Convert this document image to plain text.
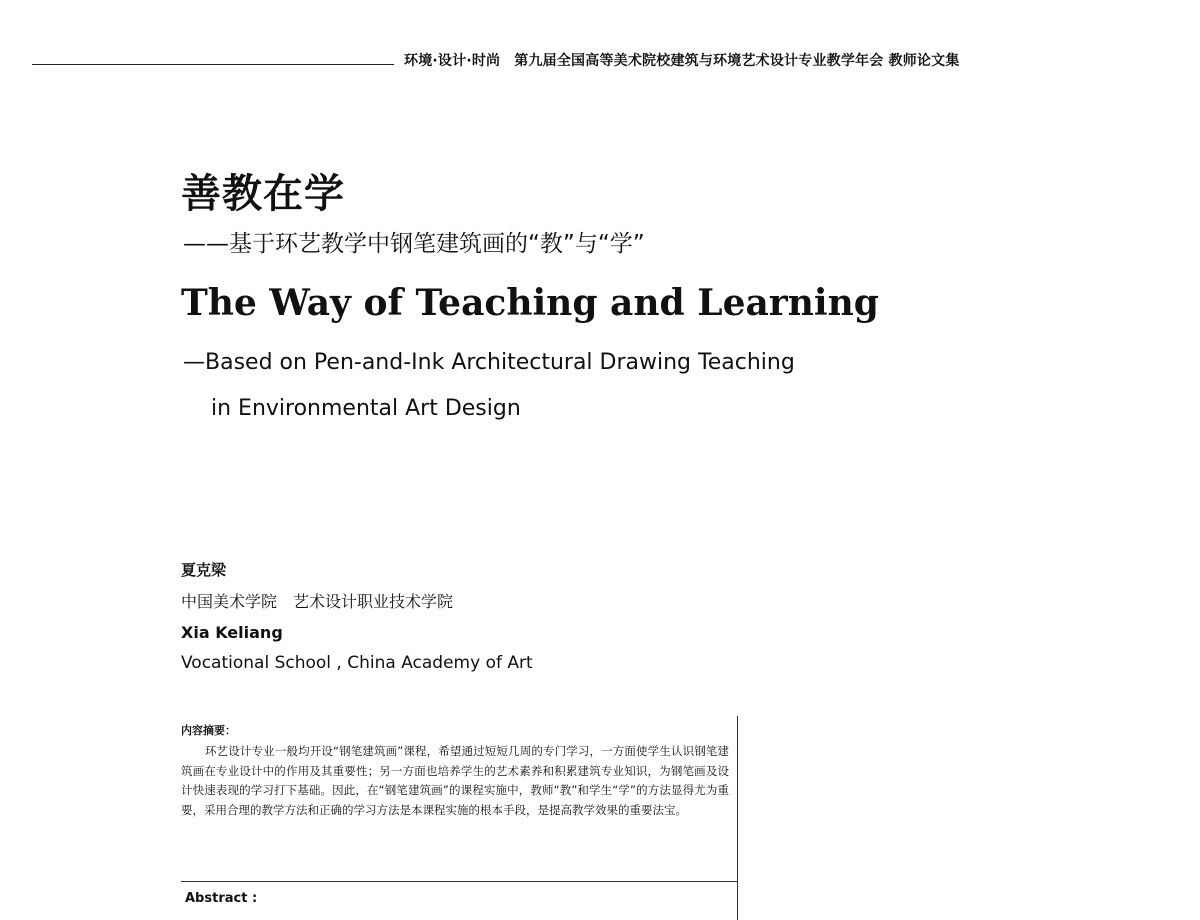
环境·设计·时尚 第九届全国高等美术院校建筑与环境艺术设计专业教学年会 教师论文集
善教在学
——基于环艺教学中钢笔建筑画的“教”与“学”
The Way of Teaching and Learning
—Based on Pen-and-Ink Architectural Drawing Teaching
in Environmental Art Design
夏克梁
中国美术学院　艺术设计职业技术学院
Xia Keliang
Vocational School , China Academy of Art
内容摘要：

环艺设计专业一般均开设“钢笔建筑画”课程，希望通过短短几周的专门学习，一方面使学生认识钢笔建筑画在专业设计中的作用及其重要性；另一方面也培养学生的艺术素养和积累建筑专业知识，为钢笔画及设计快速表现的学习打下基础。因此，在“钢笔建筑画”的课程实施中，教师“教”和学生“学”的方法显得尤为重要，采用合理的教学方法和正确的学习方法是本课程实施的根本手段，是提高教学效果的重要法宝。

Abstract :
